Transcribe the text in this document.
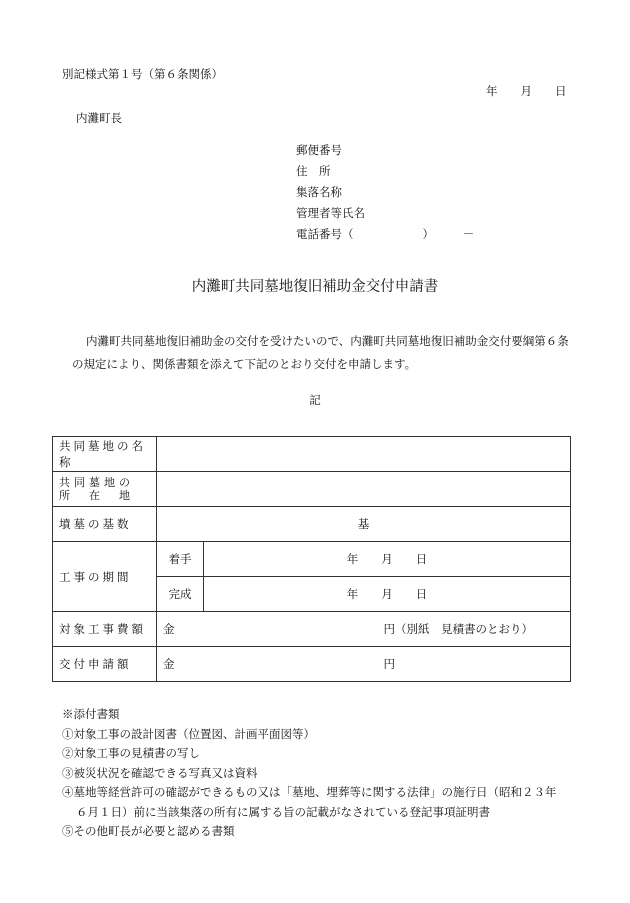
別記様式第１号（第６条関係）
年　　月　　日
内灘町長
郵便番号
住　所
集落名称
管理者等氏名
電話番号（　　　　　　）　　　－
内灘町共同墓地復旧補助金交付申請書
内灘町共同墓地復旧補助金の交付を受けたいので、内灘町共同墓地復旧補助金交付要綱第６条の規定により、関係書類を添えて下記のとおり交付を申請します。
記
共同墓地の名称		

共同墓地の
所　在　地		

墳墓の基数	基	
工事の期間	着手	年　　月　　日
	完成	年　　月　　日
対象工事費額	金 円（別紙　見積書のとおり）	

交付申請額	金 円	
※添付書類
①対象工事の設計図書（位置図、計画平面図等）
②対象工事の見積書の写し
③被災状況を確認できる写真又は資料
④墓地等経営許可の確認ができるもの又は「墓地、埋葬等に関する法律」の施行日（昭和２３年
６月１日）前に当該集落の所有に属する旨の記載がなされている登記事項証明書
⑤その他町長が必要と認める書類
